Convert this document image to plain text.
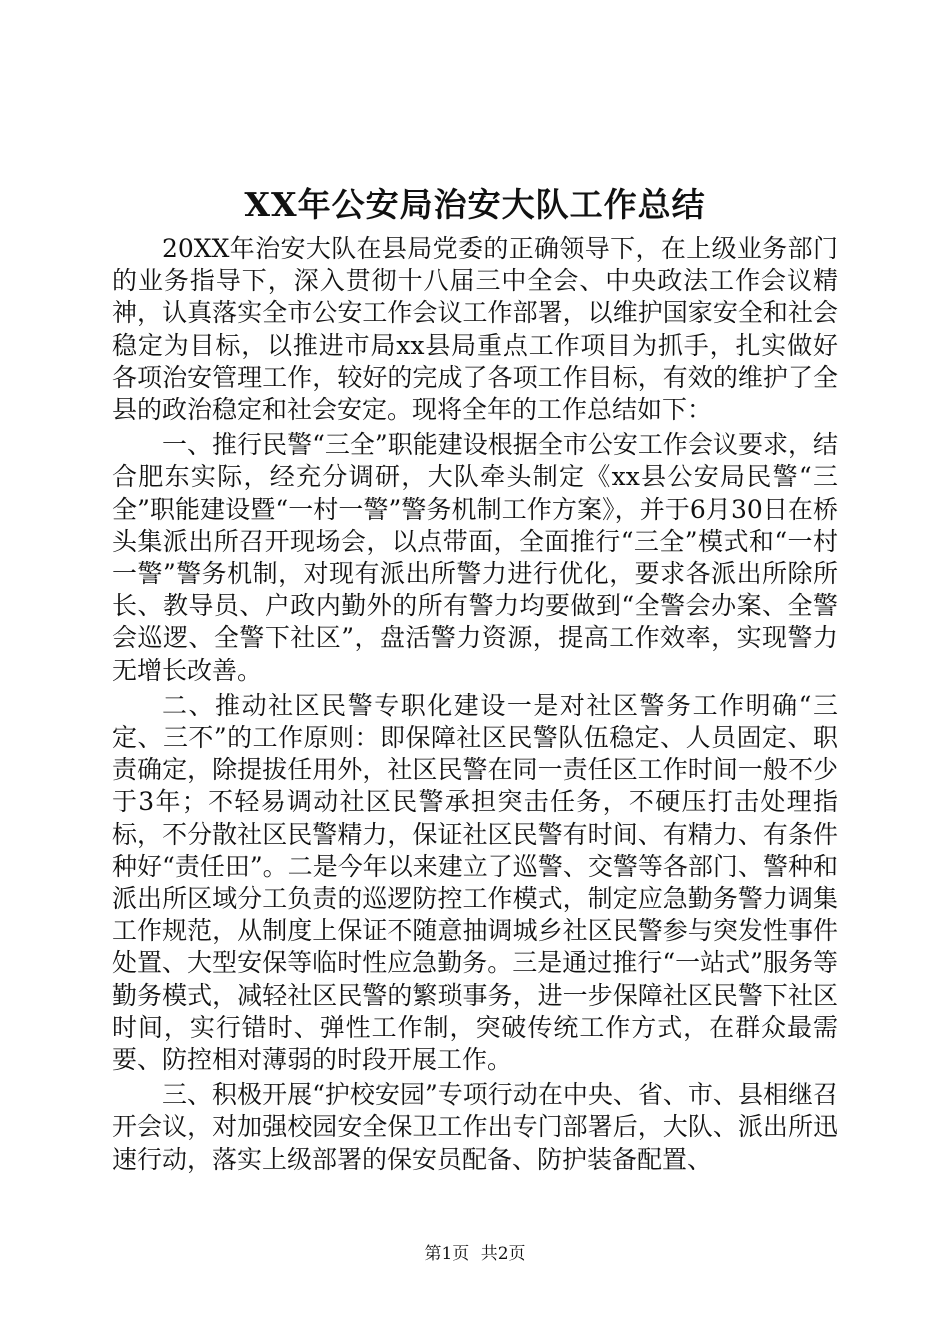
XX年公安局治安大队工作总结

20XX年治安大队在县局党委的正确领导下，在上级业务部门的业务指导下，深入贯彻十八届三中全会、中央政法工作会议精神，认真落实全市公安工作会议工作部署，以维护国家安全和社会稳定为目标，以推进市局xx县局重点工作项目为抓手，扎实做好各项治安管理工作，较好的完成了各项工作目标，有效的维护了全县的政治稳定和社会安定。现将全年的工作总结如下：

一、推行民警“三全”职能建设根据全市公安工作会议要求，结合肥东实际，经充分调研，大队牵头制定《xx县公安局民警“三全”职能建设暨“一村一警”警务机制工作方案》，并于6月30日在桥头集派出所召开现场会，以点带面，全面推行“三全”模式和“一村一警”警务机制，对现有派出所警力进行优化，要求各派出所除所长、教导员、户政内勤外的所有警力均要做到“全警会办案、全警会巡逻、全警下社区”，盘活警力资源，提高工作效率，实现警力无增长改善。

二、推动社区民警专职化建设一是对社区警务工作明确“三定、三不”的工作原则：即保障社区民警队伍稳定、人员固定、职责确定，除提拔任用外，社区民警在同一责任区工作时间一般不少于3年；不轻易调动社区民警承担突击任务，不硬压打击处理指标，不分散社区民警精力，保证社区民警有时间、有精力、有条件种好“责任田”。二是今年以来建立了巡警、交警等各部门、警种和派出所区域分工负责的巡逻防控工作模式，制定应急勤务警力调集工作规范，从制度上保证不随意抽调城乡社区民警参与突发性事件处置、大型安保等临时性应急勤务。三是通过推行“一站式”服务等勤务模式，减轻社区民警的繁琐事务，进一步保障社区民警下社区时间，实行错时、弹性工作制，突破传统工作方式，在群众最需要、防控相对薄弱的时段开展工作。

三、积极开展“护校安园”专项行动在中央、省、市、县相继召开会议，对加强校园安全保卫工作出专门部署后，大队、派出所迅速行动，落实上级部署的保安员配备、防护装备配置、

第1页 共2页
